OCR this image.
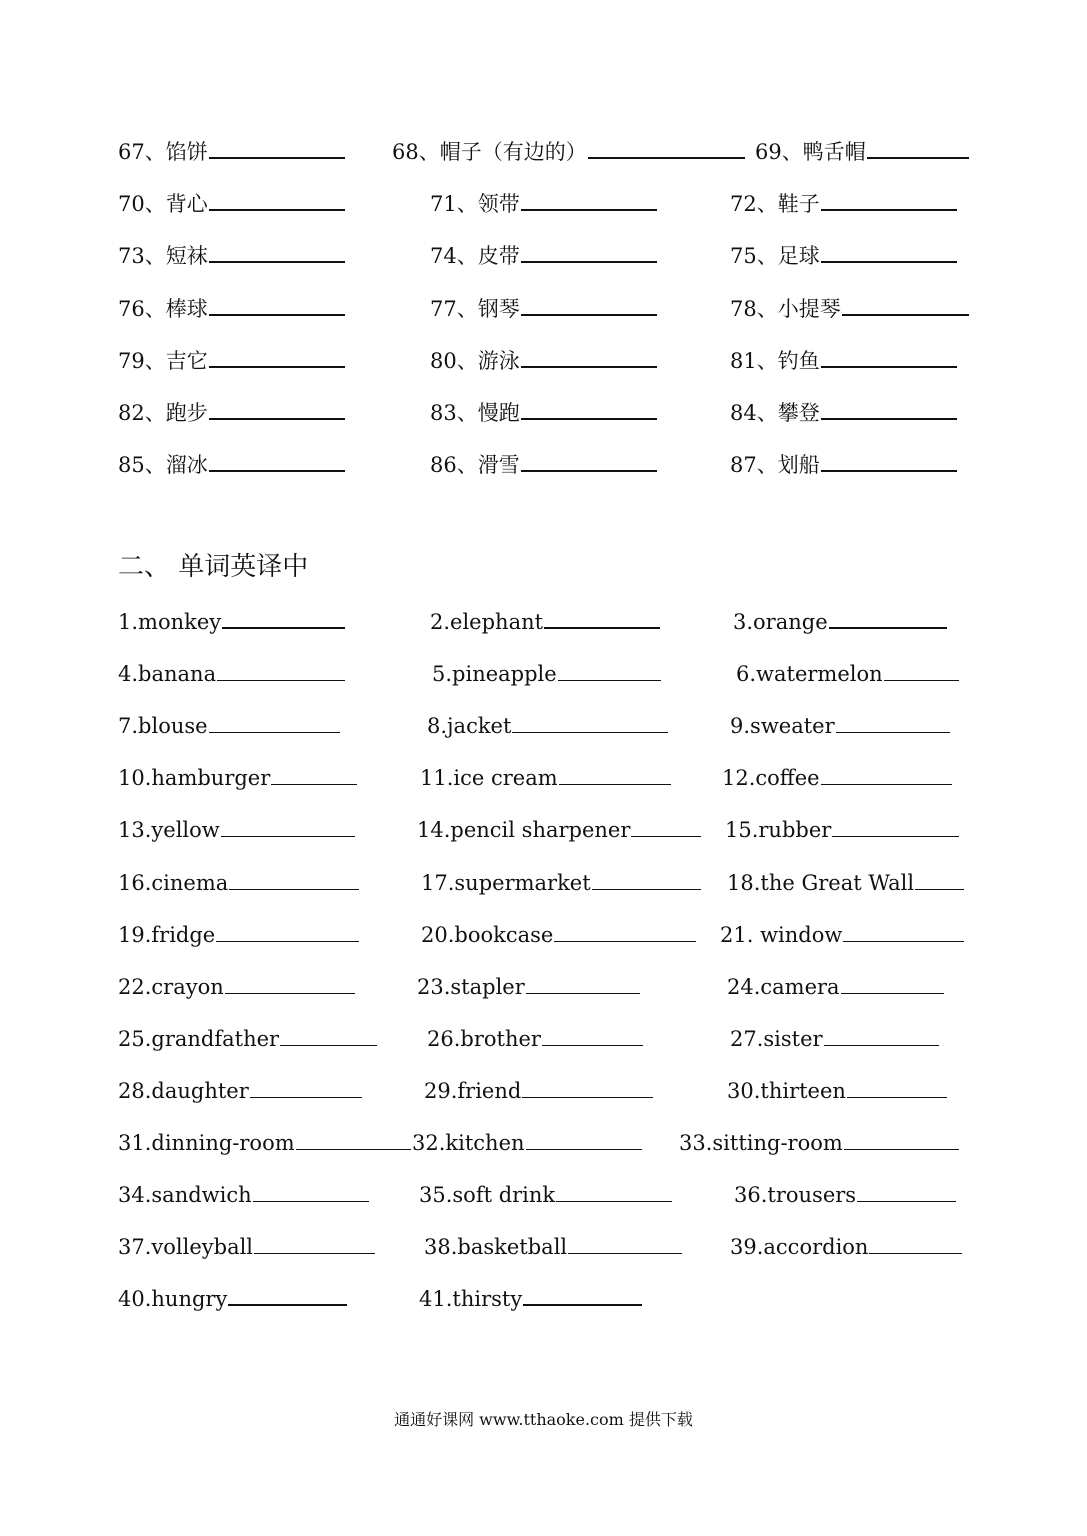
67、馅饼	68、帽子（有边的）	69、鸭舌帽
70、背心	71、领带	72、鞋子
73、短袜	74、皮带	75、足球
76、棒球	77、钢琴	78、小提琴
79、吉它	80、游泳	81、钓鱼
82、跑步	83、慢跑	84、攀登
85、溜冰	86、滑雪	87、划船
二、 单词英译中
1.monkey	2.elephant	3.orange
4.banana	5.pineapple	6.watermelon
7.blouse	8.jacket	9.sweater
10.hamburger	11.ice cream	12.coffee
13.yellow	14.pencil sharpener	15.rubber
16.cinema	17.supermarket	18.the Great Wall
19.fridge	20.bookcase	21. window
22.crayon	23.stapler	24.camera
25.grandfather	26.brother	27.sister
28.daughter	29.friend	30.thirteen
31.dinning-room	32.kitchen	33.sitting-room
34.sandwich	35.soft drink	36.trousers
37.volleyball	38.basketball	39.accordion
40.hungry	41.thirsty
通通好课网 www.tthaoke.com 提供下载
